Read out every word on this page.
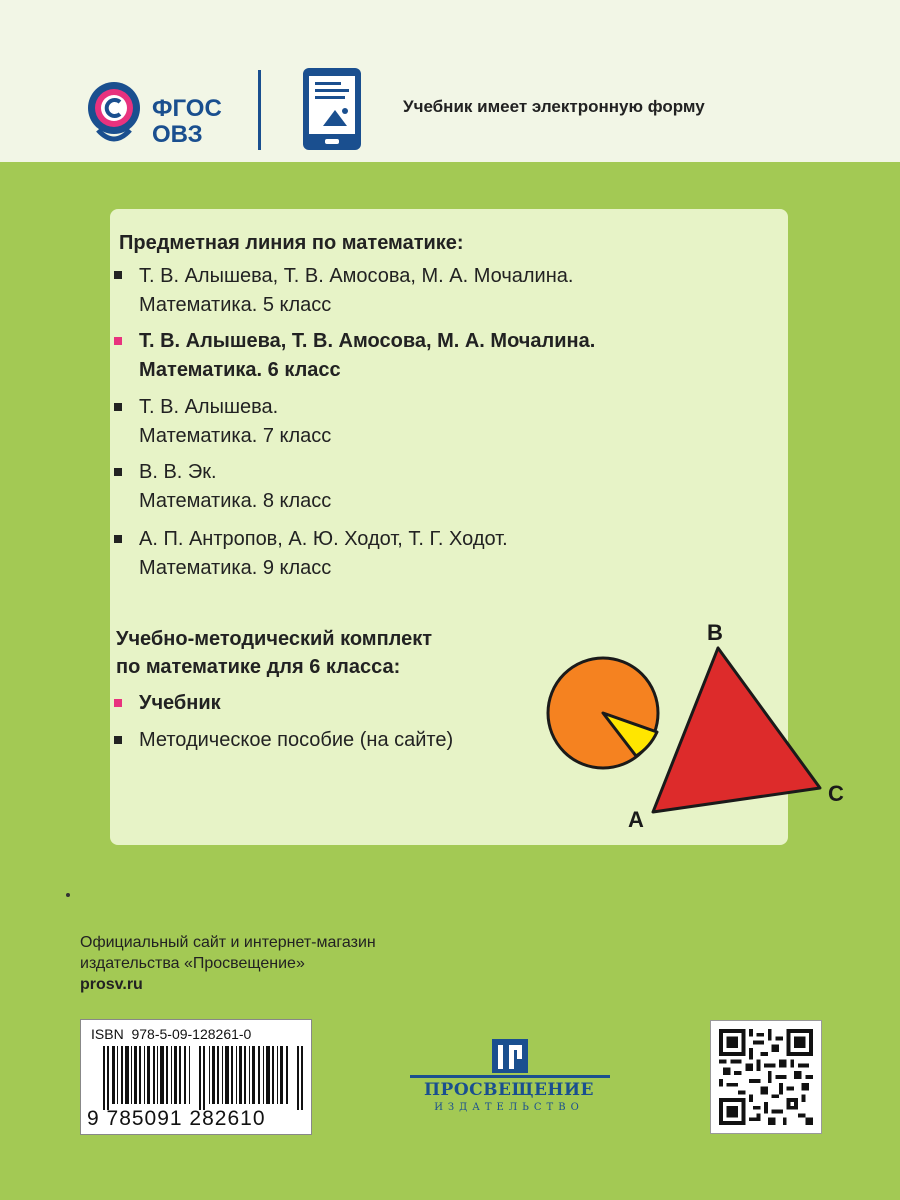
ФГОС
ОВЗ
Учебник имеет электронную форму
Предметная линия по математике:
Т. В. Алышева, Т. В. Амосова, М. А. Мочалина.
Математика. 5 класс
Т. В. Алышева, Т. В. Амосова, М. А. Мочалина.
Математика. 6 класс
Т. В. Алышева.
Математика. 7 класс
В. В. Эк.
Математика. 8 класс
А. П. Антропов, А. Ю. Ходот, Т. Г. Ходот.
Математика. 9 класс
Учебно-методический комплект
по математике для 6 класса:
Учебник
Методическое пособие (на сайте)
B
A
C
Официальный сайт и интернет-магазин
издательства «Просвещение»
prosv.ru
ISBN 978-5-09-128261-0
9 785091 282610
ПРОСВЕЩЕНИЕ
ИЗДАТЕЛЬСТВО
